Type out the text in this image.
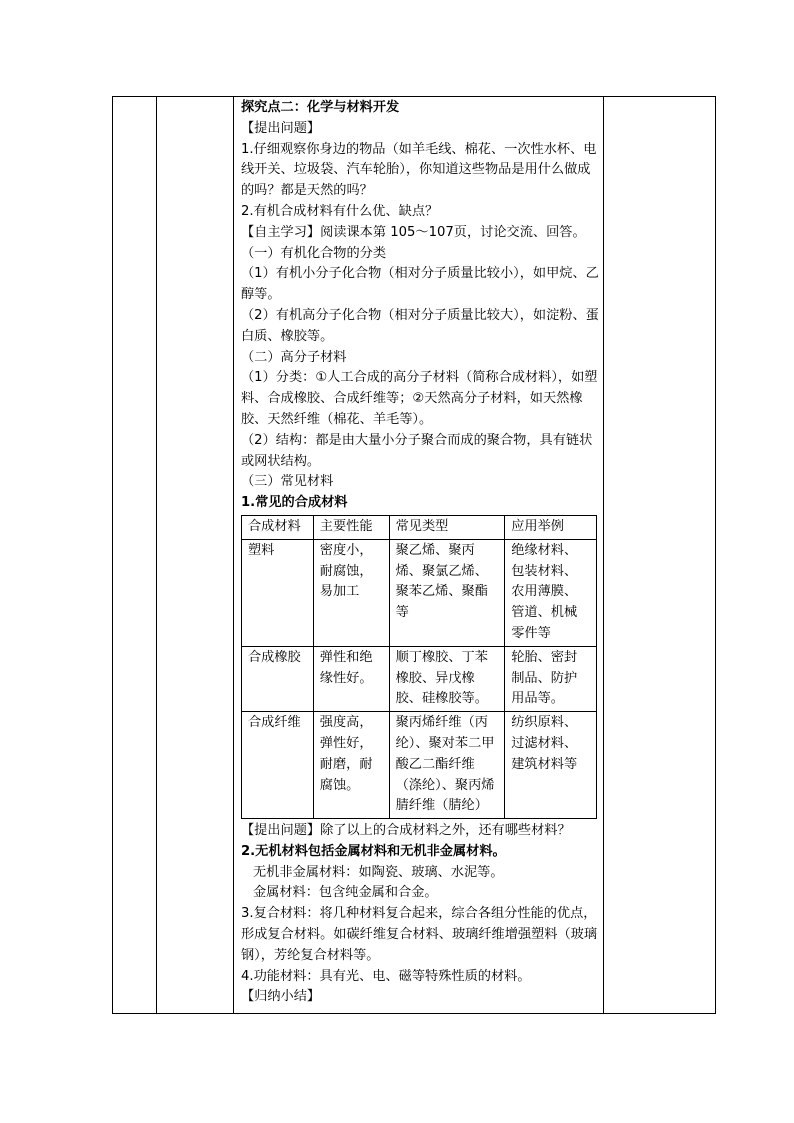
探究点二：化学与材料开发

【提出问题】

1.仔细观察你身边的物品（如羊毛线、棉花、一次性水杯、电线开关、垃圾袋、汽车轮胎），你知道这些物品是用什么做成的吗？都是天然的吗？

2.有机合成材料有什么优、缺点？

【自主学习】阅读课本第 105～107页，讨论交流、回答。

（一）有机化合物的分类

（1）有机小分子化合物（相对分子质量比较小），如甲烷、乙醇等。

（2）有机高分子化合物（相对分子质量比较大），如淀粉、蛋白质、橡胶等。

（二）高分子材料

（1）分类：①人工合成的高分子材料（简称合成材料），如塑料、合成橡胶、合成纤维等；②天然高分子材料，如天然橡胶、天然纤维（棉花、羊毛等）。

（2）结构：都是由大量小分子聚合而成的聚合物，具有链状或网状结构。

（三）常见材料

1.常见的合成材料

合成材料	主要性能	常见类型	应用举例
塑料	密度小，耐腐蚀，易加工	聚乙烯、聚丙烯、聚氯乙烯、聚苯乙烯、聚酯等	绝缘材料、包装材料、农用薄膜、管道、机械零件等
合成橡胶	弹性和绝缘性好。	顺丁橡胶、丁苯橡胶、异戊橡胶、硅橡胶等。	轮胎、密封制品、防护用品等。
合成纤维	强度高，弹性好，耐磨，耐腐蚀。	聚丙烯纤维（丙纶）、聚对苯二甲酸乙二酯纤维（涤纶）、聚丙烯腈纤维（腈纶）	纺织原料、过滤材料、建筑材料等

【提出问题】除了以上的合成材料之外，还有哪些材料？

2.无机材料包括金属材料和无机非金属材料。

无机非金属材料：如陶瓷、玻璃、水泥等。

金属材料：包含纯金属和合金。

3.复合材料：将几种材料复合起来，综合各组分性能的优点，形成复合材料。如碳纤维复合材料、玻璃纤维增强塑料（玻璃钢），芳纶复合材料等。

4.功能材料：具有光、电、磁等特殊性质的材料。

【归纳小结】
